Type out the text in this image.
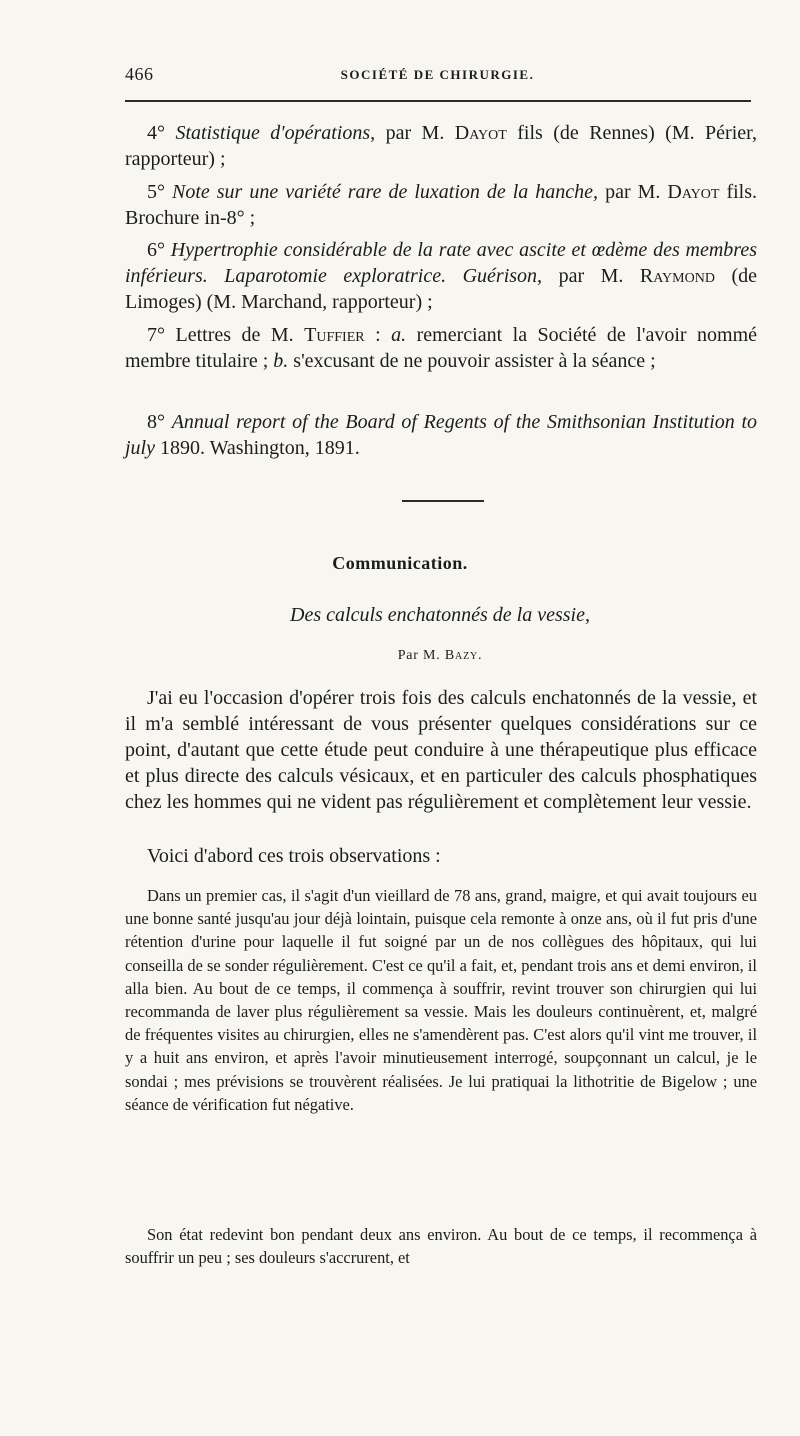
466	SOCIÉTÉ DE CHIRURGIE.
4° Statistique d'opérations, par M. Dayot fils (de Rennes) (M. Périer, rapporteur) ;
5° Note sur une variété rare de luxation de la hanche, par M. Dayot fils. Brochure in-8° ;
6° Hypertrophie considérable de la rate avec ascite et œdème des membres inférieurs. Laparotomie exploratrice. Guérison, par M. Raymond (de Limoges) (M. Marchand, rapporteur) ;
7° Lettres de M. Tuffier : a. remerciant la Société de l'avoir nommé membre titulaire ; b. s'excusant de ne pouvoir assister à la séance ;
8° Annual report of the Board of Regents of the Smithsonian Institution to july 1890. Washington, 1891.
Communication.
Des calculs enchatonnés de la vessie,
Par M. Bazy.
J'ai eu l'occasion d'opérer trois fois des calculs enchatonnés de la vessie, et il m'a semblé intéressant de vous présenter quelques considérations sur ce point, d'autant que cette étude peut conduire à une thérapeutique plus efficace et plus directe des calculs vésicaux, et en particuler des calculs phosphatiques chez les hommes qui ne vident pas régulièrement et complètement leur vessie.
Voici d'abord ces trois observations :
Dans un premier cas, il s'agit d'un vieillard de 78 ans, grand, maigre, et qui avait toujours eu une bonne santé jusqu'au jour déjà lointain, puisque cela remonte à onze ans, où il fut pris d'une rétention d'urine pour laquelle il fut soigné par un de nos collègues des hôpitaux, qui lui conseilla de se sonder régulièrement. C'est ce qu'il a fait, et, pendant trois ans et demi environ, il alla bien. Au bout de ce temps, il commença à souffrir, revint trouver son chirurgien qui lui recommanda de laver plus régulièrement sa vessie. Mais les douleurs continuèrent, et, malgré de fréquentes visites au chirurgien, elles ne s'amendèrent pas. C'est alors qu'il vint me trouver, il y a huit ans environ, et après l'avoir minutieusement interrogé, soupçonnant un calcul, je le sondai ; mes prévisions se trouvèrent réalisées. Je lui pratiquai la lithotritie de Bigelow ; une séance de vérification fut négative.
Son état redevint bon pendant deux ans environ. Au bout de ce temps, il recommença à souffrir un peu ; ses douleurs s'accrurent, et
